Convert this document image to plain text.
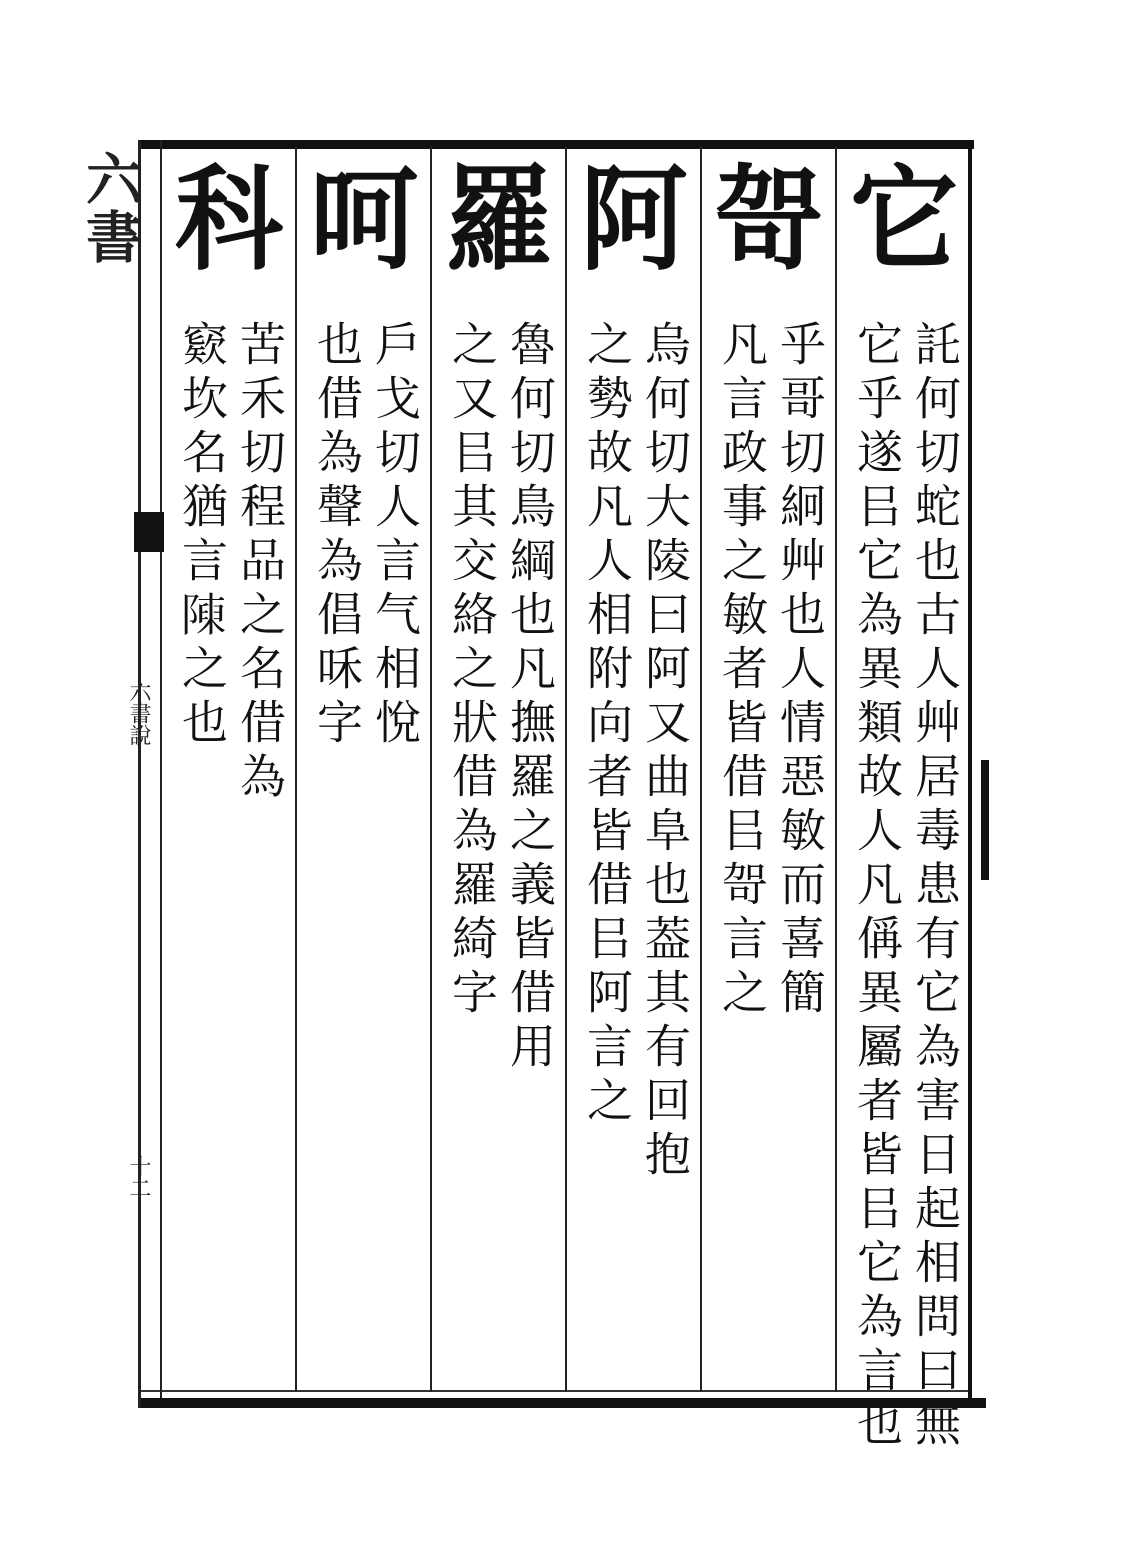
六書
六書說
十二
它
託何切蛇也古人艸居毒患有它為害日起相問曰無
它乎遂㠯它為異類故人凡偁異屬者皆㠯它為言也
哿
乎哥切絅艸也人情惡敏而喜簡
凡言政事之敏者皆借㠯哿言之
阿
烏何切大陵曰阿又曲阜也葢其有回抱
之勢故凡人相附向者皆借㠯阿言之
羅
魯何切鳥綱也凡撫羅之義皆借用
之又㠯其交絡之狀借為羅綺字
呵
戶戈切人言气相悅
也借為聲為倡咊字
科
苦禾切程品之名借為
窽坎名猶言𨻰之也
